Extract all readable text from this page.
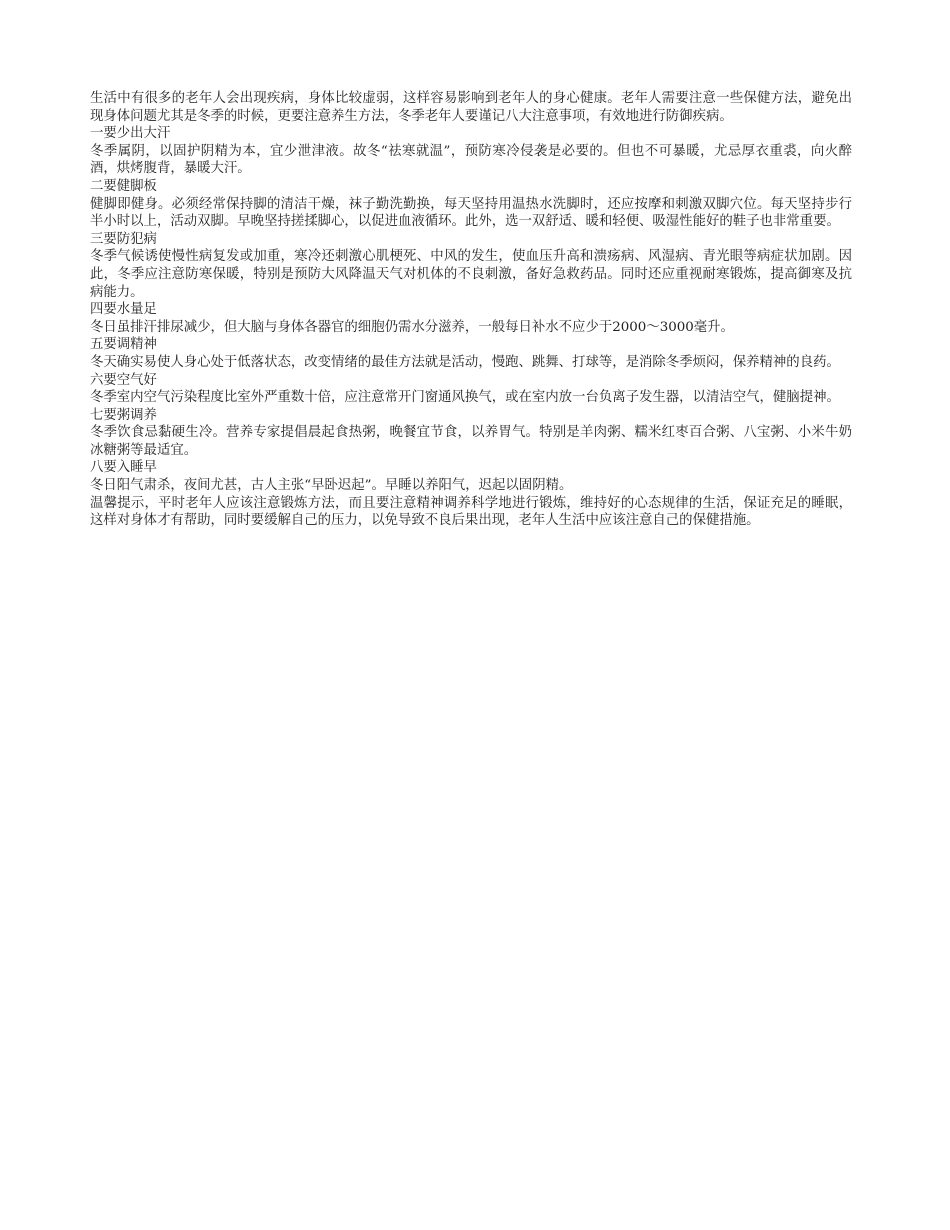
生活中有很多的老年人会出现疾病，身体比较虚弱，这样容易影响到老年人的身心健康。老年人需要注意一些保健方法，避免出现身体问题尤其是冬季的时候，更要注意养生方法，冬季老年人要谨记八大注意事项，有效地进行防御疾病。

一要少出大汗

冬季属阴，以固护阴精为本，宜少泄津液。故冬“祛寒就温”，预防寒冷侵袭是必要的。但也不可暴暖，尤忌厚衣重裘，向火醉酒，烘烤腹背，暴暖大汗。

二要健脚板

健脚即健身。必须经常保持脚的清洁干燥，袜子勤洗勤换，每天坚持用温热水洗脚时，还应按摩和刺激双脚穴位。每天坚持步行半小时以上，活动双脚。早晚坚持搓揉脚心，以促进血液循环。此外，选一双舒适、暖和轻便、吸湿性能好的鞋子也非常重要。

三要防犯病

冬季气候诱使慢性病复发或加重，寒冷还刺激心肌梗死、中风的发生，使血压升高和溃疡病、风湿病、青光眼等病症状加剧。因此，冬季应注意防寒保暖，特别是预防大风降温天气对机体的不良刺激，备好急救药品。同时还应重视耐寒锻炼，提高御寒及抗病能力。

四要水量足

冬日虽排汗排尿减少，但大脑与身体各器官的细胞仍需水分滋养，一般每日补水不应少于2000～3000毫升。

五要调精神

冬天确实易使人身心处于低落状态，改变情绪的最佳方法就是活动，慢跑、跳舞、打球等，是消除冬季烦闷，保养精神的良药。

六要空气好

冬季室内空气污染程度比室外严重数十倍，应注意常开门窗通风换气，或在室内放一台负离子发生器，以清洁空气，健脑提神。

七要粥调养

冬季饮食忌黏硬生冷。营养专家提倡晨起食热粥，晚餐宜节食，以养胃气。特别是羊肉粥、糯米红枣百合粥、八宝粥、小米牛奶冰糖粥等最适宜。

八要入睡早

冬日阳气肃杀，夜间尤甚，古人主张“早卧迟起”。早睡以养阳气，迟起以固阴精。

温馨提示，平时老年人应该注意锻炼方法，而且要注意精神调养科学地进行锻炼，维持好的心态规律的生活，保证充足的睡眠，这样对身体才有帮助，同时要缓解自己的压力，以免导致不良后果出现，老年人生活中应该注意自己的保健措施。
